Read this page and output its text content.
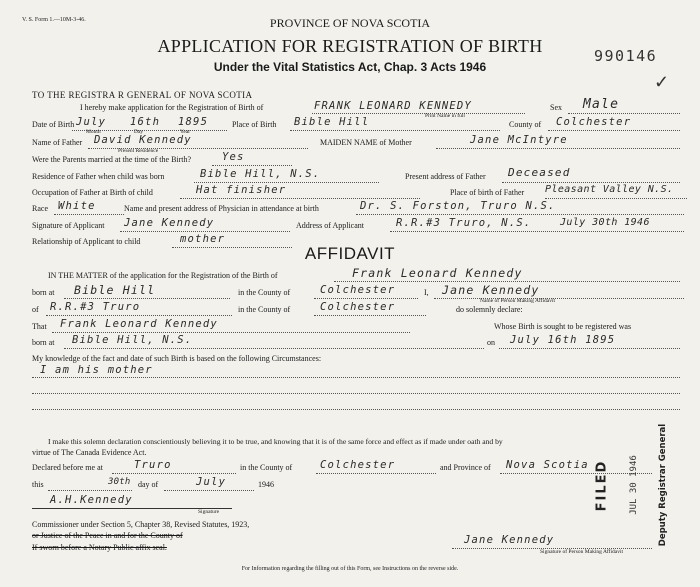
V. S. Form 1.—10M-3-46.	PROVINCE OF NOVA SCOTIA
APPLICATION FOR REGISTRATION OF BIRTH
Under the Vital Statistics Act, Chap. 3 Acts 1946
990146
✓
TO THE REGISTRA R GENERAL OF NOVA SCOTIA
I hereby make application for the Registration of Birth of	FRANK LEONARD KENNEDY
Print Name in full
Sex Male
Date of Birth July 16th 1895
Month	Day	Year
Place of Birth Bible Hill	County of Colchester
Name of Father David Kennedy
Present Residence
MAIDEN NAME of Mother	Jane McIntyre
Were the Parents married at the time of the Birth?	Yes
Residence of Father when child was born	Bible Hill, N.S.	Present address of Father Deceased
Occupation of Father at Birth of child	Hat finisher	Place of birth of Father Pleasant Valley N.S.
Race White	Name and present address of Physician in attendance at birth	Dr. S. Forston, Truro N.S.
Signature of Applicant Jane Kennedy	Address of Applicant	R.R.#3 Truro, N.S.	July 30th 1946
Relationship of Applicant to child	mother
AFFIDAVIT
IN THE MATTER of the application for the Registration of the Birth of	Frank Leonard Kennedy
born at Bible Hill	in the County of	Colchester	I, Jane Kennedy
Name of Person Making Affidavit
of R.R.#3 Truro	in the County of	Colchester	do solemnly declare:
That Frank Leonard Kennedy	Whose Birth is sought to be registered was
born at Bible Hill, N.S.	on July 16th 1895
My knowledge of the fact and date of such Birth is based on the following Circumstances:
I am his mother
I make this solemn declaration conscientiously believing it to be true, and knowing that it is of the same force and effect as if made under oath and by
virtue of The Canada Evidence Act.
Declared before me at	Truro	in the County of	Colchester	and Province of Nova Scotia
this	30th day of	July	1946
A.H.Kennedy
Signature
Commissioner under Section 5, Chapter 38, Revised Statutes, 1923,
or Justice of the Peace in and for the County of
If sworn before a Notary Public affix seal.
Jane Kennedy
Signature of Person Making Affidavit
For Information regarding the filling out of this Form, see Instructions on the reverse side.
FILED JUL 30 1946 Deputy Registrar General
